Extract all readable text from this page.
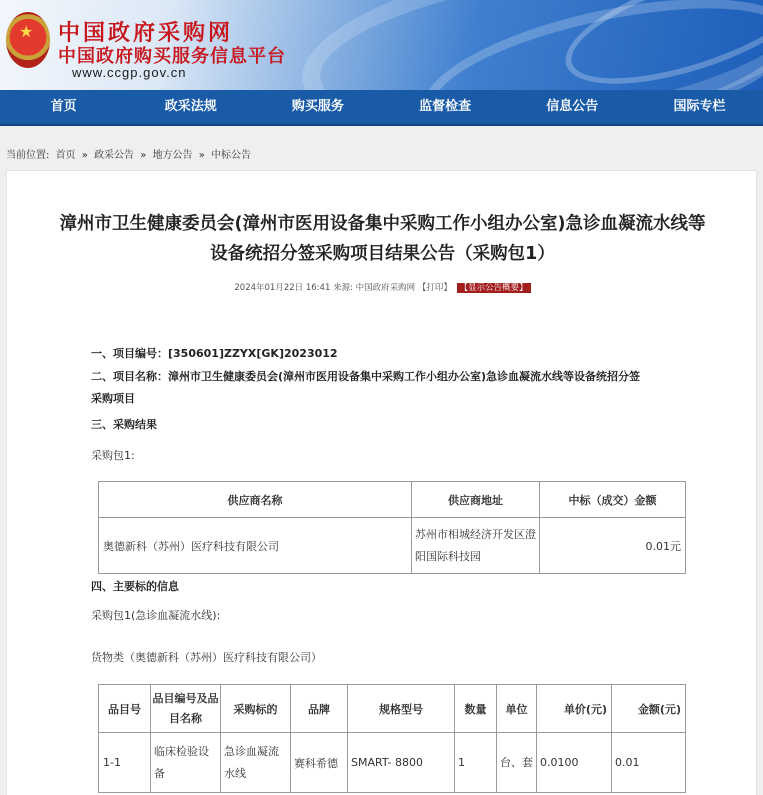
★ 中国政府采购网
中国政府购买服务信息平台
www.ccgp.gov.cn
首页	政采法规	购买服务	监督检查	信息公告	国际专栏
当前位置: 首页 » 政采公告 » 地方公告 » 中标公告
漳州市卫生健康委员会(漳州市医用设备集中采购工作小组办公室)急诊血凝流水线等
设备统招分签采购项目结果公告（采购包1）
2024年01月22日 16:41 来源: 中国政府采购网 【打印】 【显示公告概要】
一、项目编号：[350601]ZZYX[GK]2023012
二、项目名称：漳州市卫生健康委员会(漳州市医用设备集中采购工作小组办公室)急诊血凝流水线等设备统招分签
采购项目
三、采购结果
采购包1:
供应商名称	供应商地址	中标（成交）金额
奥德新科（苏州）医疗科技有限公司	苏州市相城经济开发区澄阳国际科技园	0.01元
四、主要标的信息
采购包1(急诊血凝流水线):
货物类（奥德新科（苏州）医疗科技有限公司）
品目号	品目编号及品目名称	采购标的	品牌	规格型号	数量	单位	单价(元)	金额(元)
1-1	临床检验设备	急诊血凝流水线	赛科希德	SMART- 8800	1	台、套	0.0100	0.01
